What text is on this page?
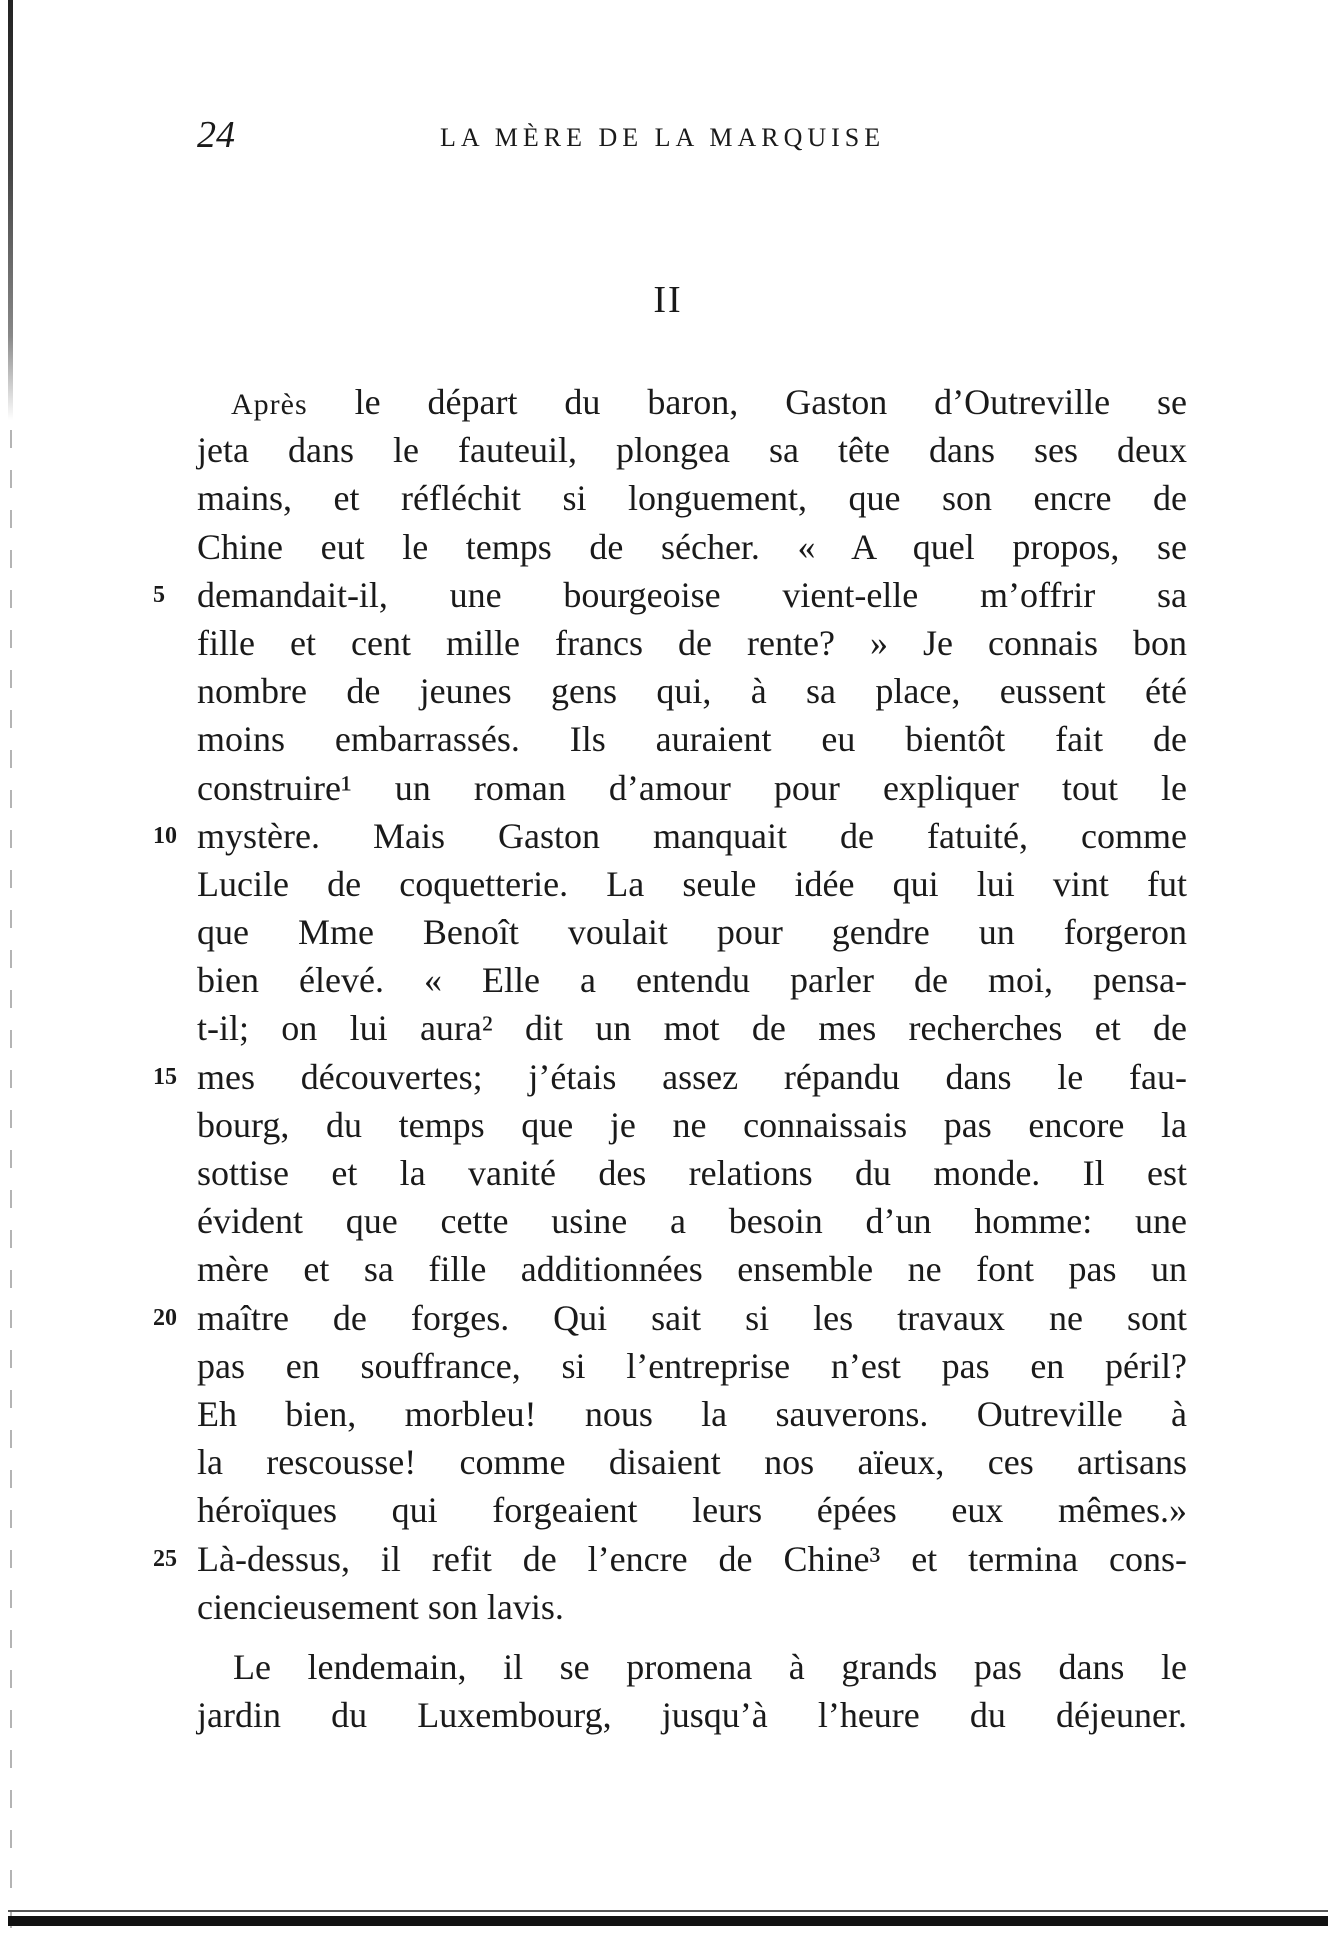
24	LA MÈRE DE LA MARQUISE
II
Après le départ du baron, Gaston d’Outreville se
jeta dans le fauteuil, plongea sa tête dans ses deux
mains, et réfléchit si longuement, que son encre de
Chine eut le temps de sécher. « A quel propos, se
5 demandait-il, une bourgeoise vient-elle m’offrir sa
fille et cent mille francs de rente? » Je connais bon
nombre de jeunes gens qui, à sa place, eussent été
moins embarrassés. Ils auraient eu bientôt fait de
construire¹ un roman d’amour pour expliquer tout le
10 mystère. Mais Gaston manquait de fatuité, comme
Lucile de coquetterie. La seule idée qui lui vint fut
que Mme Benoît voulait pour gendre un forgeron
bien élevé. « Elle a entendu parler de moi, pensa-
t-il; on lui aura² dit un mot de mes recherches et de
15 mes découvertes; j’étais assez répandu dans le fau-
bourg, du temps que je ne connaissais pas encore la
sottise et la vanité des relations du monde. Il est
évident que cette usine a besoin d’un homme: une
mère et sa fille additionnées ensemble ne font pas un
20 maître de forges. Qui sait si les travaux ne sont
pas en souffrance, si l’entreprise n’est pas en péril?
Eh bien, morbleu! nous la sauverons. Outreville à
la rescousse! comme disaient nos aïeux, ces artisans
héroïques qui forgeaient leurs épées eux mêmes.»
25 Là-dessus, il refit de l’encre de Chine³ et termina cons-
ciencieusement son lavis.
Le lendemain, il se promena à grands pas dans le
jardin du Luxembourg, jusqu’à l’heure du déjeuner.
